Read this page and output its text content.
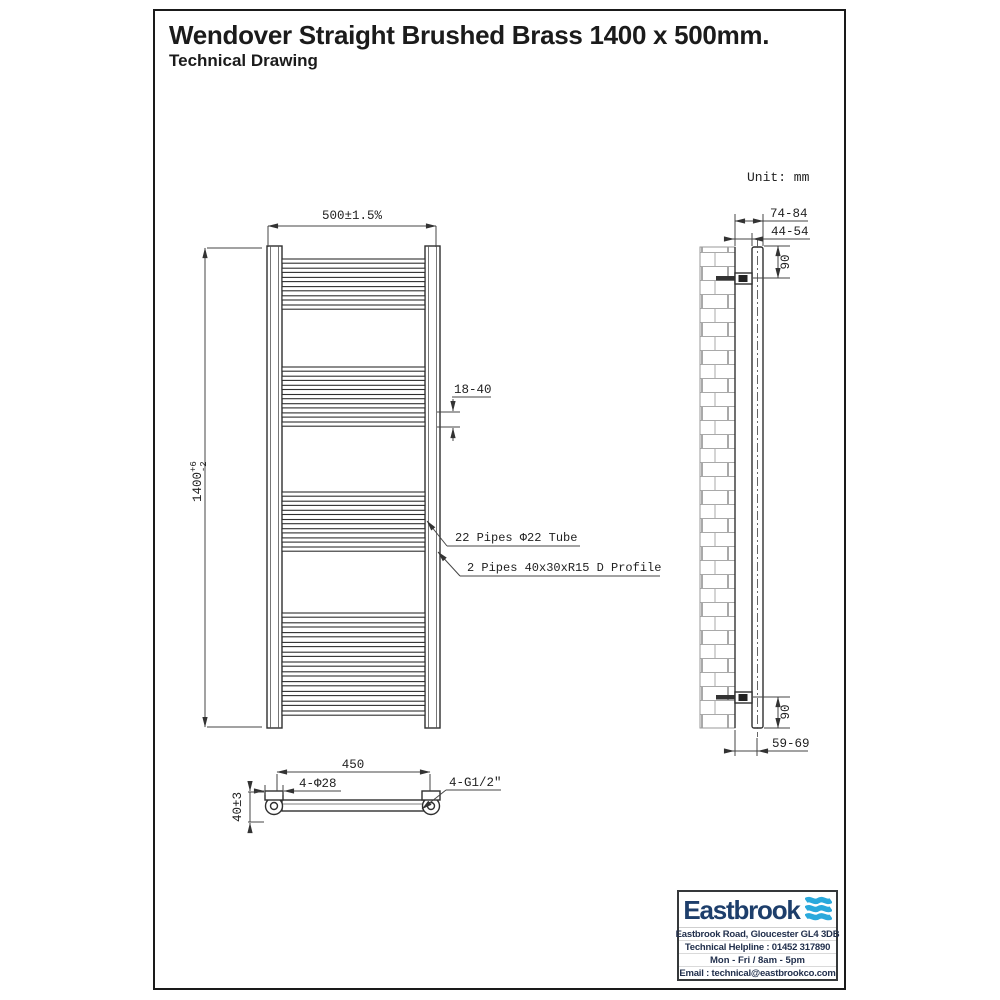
500±1.5%
$1400^{+6}-2$
18-40
22 Pipes Φ22 Tube
2 Pipes 40x30xR15 D Profile
450
4-Φ28	4-G1/2″
40±3
74-84
44-54
90
90
59-69
Unit: mm
Wendover Straight Brushed Brass 1400 x 500mm.
Technical Drawing
Eastbrook
Eastbrook Road, Gloucester GL4 3DB
Technical Helpline : 01452 317890
Mon - Fri / 8am - 5pm
Email : technical@eastbrookco.com
